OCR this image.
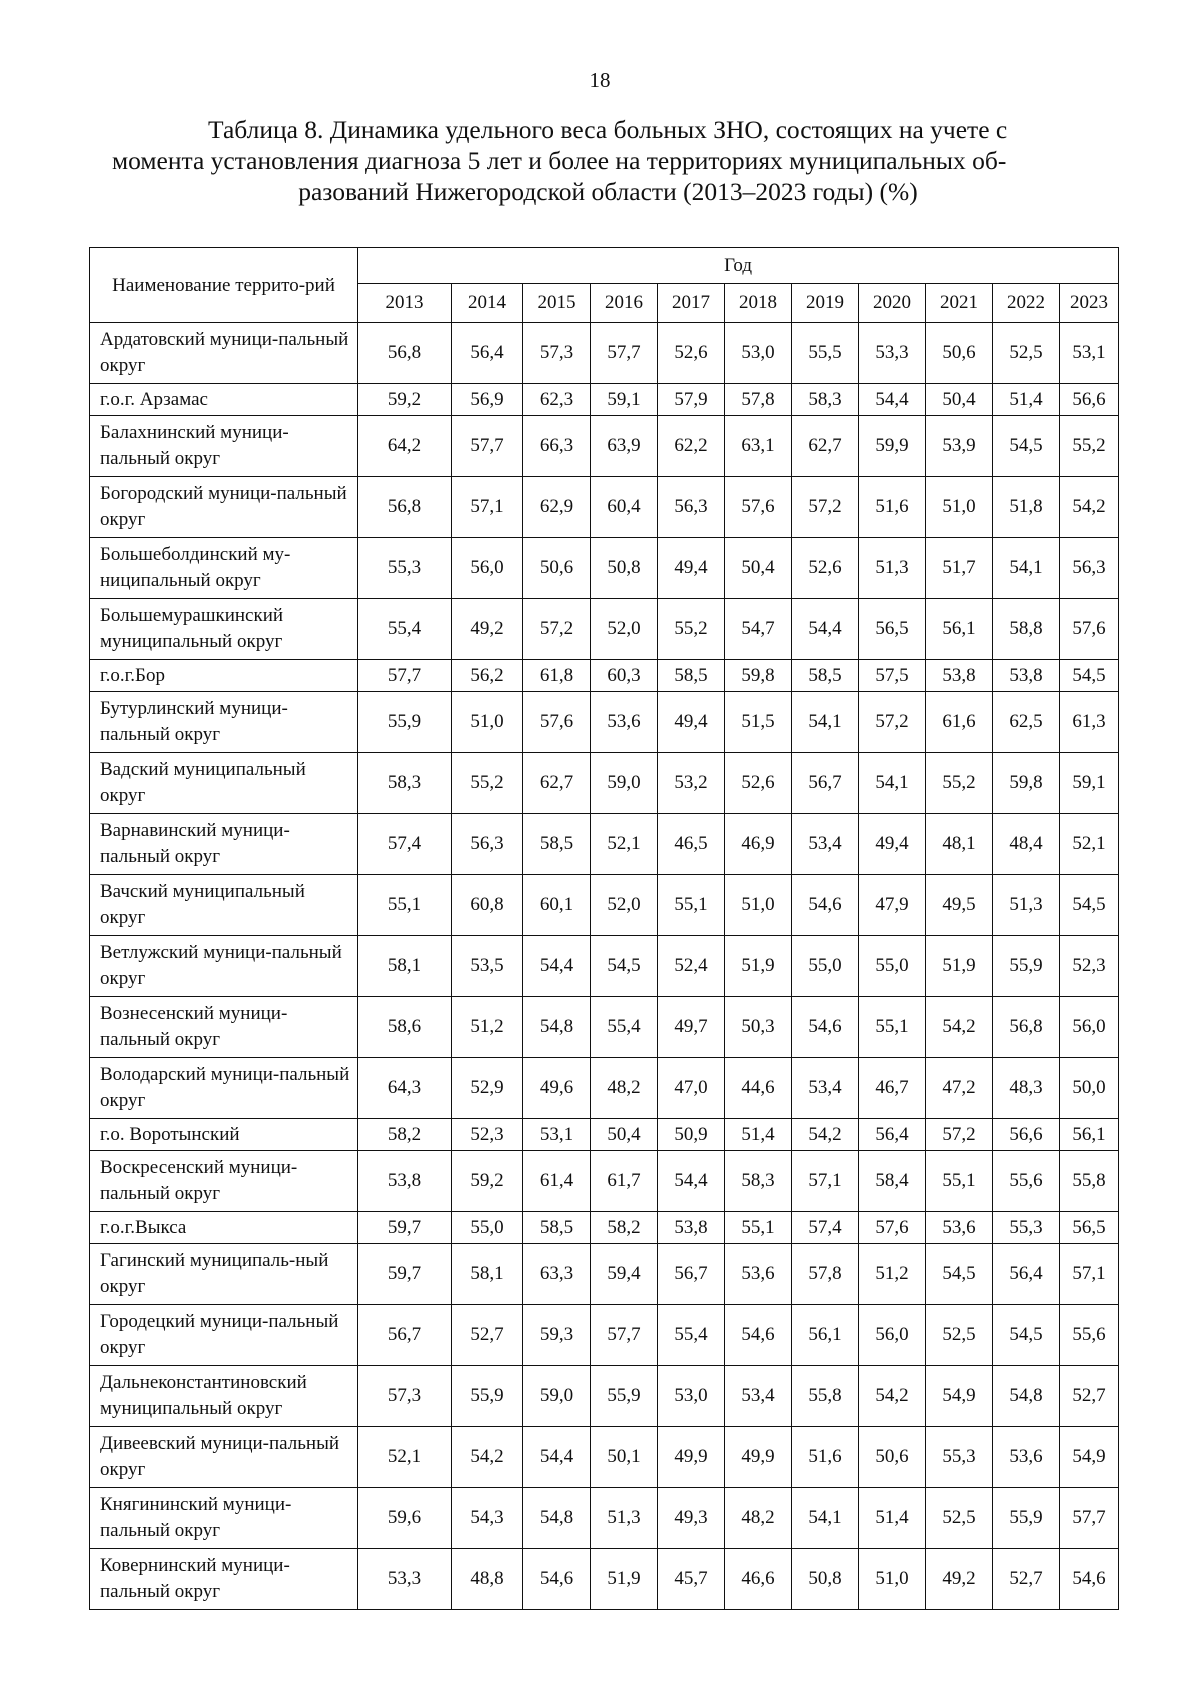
18
Таблица 8. Динамика удельного веса больных ЗНО, состоящих на учете с
момента установления диагноза 5 лет и более на территориях муниципальных об-
разований Нижегородской области (2013–2023 годы) (%)
Наименование террито-рий	Год										
	2013	2014	2015	2016	2017	2018	2019	2020	2021	2022	2023
Ардатовский муници-пальный округ	56,8	56,4	57,3	57,7	52,6	53,0	55,5	53,3	50,6	52,5	53,1
г.о.г. Арзамас	59,2	56,9	62,3	59,1	57,9	57,8	58,3	54,4	50,4	51,4	56,6
Балахнинский муници-пальный округ	64,2	57,7	66,3	63,9	62,2	63,1	62,7	59,9	53,9	54,5	55,2
Богородский муници-пальный округ	56,8	57,1	62,9	60,4	56,3	57,6	57,2	51,6	51,0	51,8	54,2
Большеболдинский му-ниципальный округ	55,3	56,0	50,6	50,8	49,4	50,4	52,6	51,3	51,7	54,1	56,3
Большемурашкинский муниципальный округ	55,4	49,2	57,2	52,0	55,2	54,7	54,4	56,5	56,1	58,8	57,6
г.о.г.Бор	57,7	56,2	61,8	60,3	58,5	59,8	58,5	57,5	53,8	53,8	54,5
Бутурлинский муници-пальный округ	55,9	51,0	57,6	53,6	49,4	51,5	54,1	57,2	61,6	62,5	61,3
Вадский муниципальный округ	58,3	55,2	62,7	59,0	53,2	52,6	56,7	54,1	55,2	59,8	59,1
Варнавинский муници-пальный округ	57,4	56,3	58,5	52,1	46,5	46,9	53,4	49,4	48,1	48,4	52,1
Вачский муниципальный округ	55,1	60,8	60,1	52,0	55,1	51,0	54,6	47,9	49,5	51,3	54,5
Ветлужский муници-пальный округ	58,1	53,5	54,4	54,5	52,4	51,9	55,0	55,0	51,9	55,9	52,3
Вознесенский муници-пальный округ	58,6	51,2	54,8	55,4	49,7	50,3	54,6	55,1	54,2	56,8	56,0
Володарский муници-пальный округ	64,3	52,9	49,6	48,2	47,0	44,6	53,4	46,7	47,2	48,3	50,0
г.о. Воротынский	58,2	52,3	53,1	50,4	50,9	51,4	54,2	56,4	57,2	56,6	56,1
Воскресенский муници-пальный округ	53,8	59,2	61,4	61,7	54,4	58,3	57,1	58,4	55,1	55,6	55,8
г.о.г.Выкса	59,7	55,0	58,5	58,2	53,8	55,1	57,4	57,6	53,6	55,3	56,5
Гагинский муниципаль-ный округ	59,7	58,1	63,3	59,4	56,7	53,6	57,8	51,2	54,5	56,4	57,1
Городецкий муници-пальный округ	56,7	52,7	59,3	57,7	55,4	54,6	56,1	56,0	52,5	54,5	55,6
Дальнеконстантиновский муниципальный округ	57,3	55,9	59,0	55,9	53,0	53,4	55,8	54,2	54,9	54,8	52,7
Дивеевский муници-пальный округ	52,1	54,2	54,4	50,1	49,9	49,9	51,6	50,6	55,3	53,6	54,9
Княгининский муници-пальный округ	59,6	54,3	54,8	51,3	49,3	48,2	54,1	51,4	52,5	55,9	57,7
Ковернинский муници-пальный округ	53,3	48,8	54,6	51,9	45,7	46,6	50,8	51,0	49,2	52,7	54,6
